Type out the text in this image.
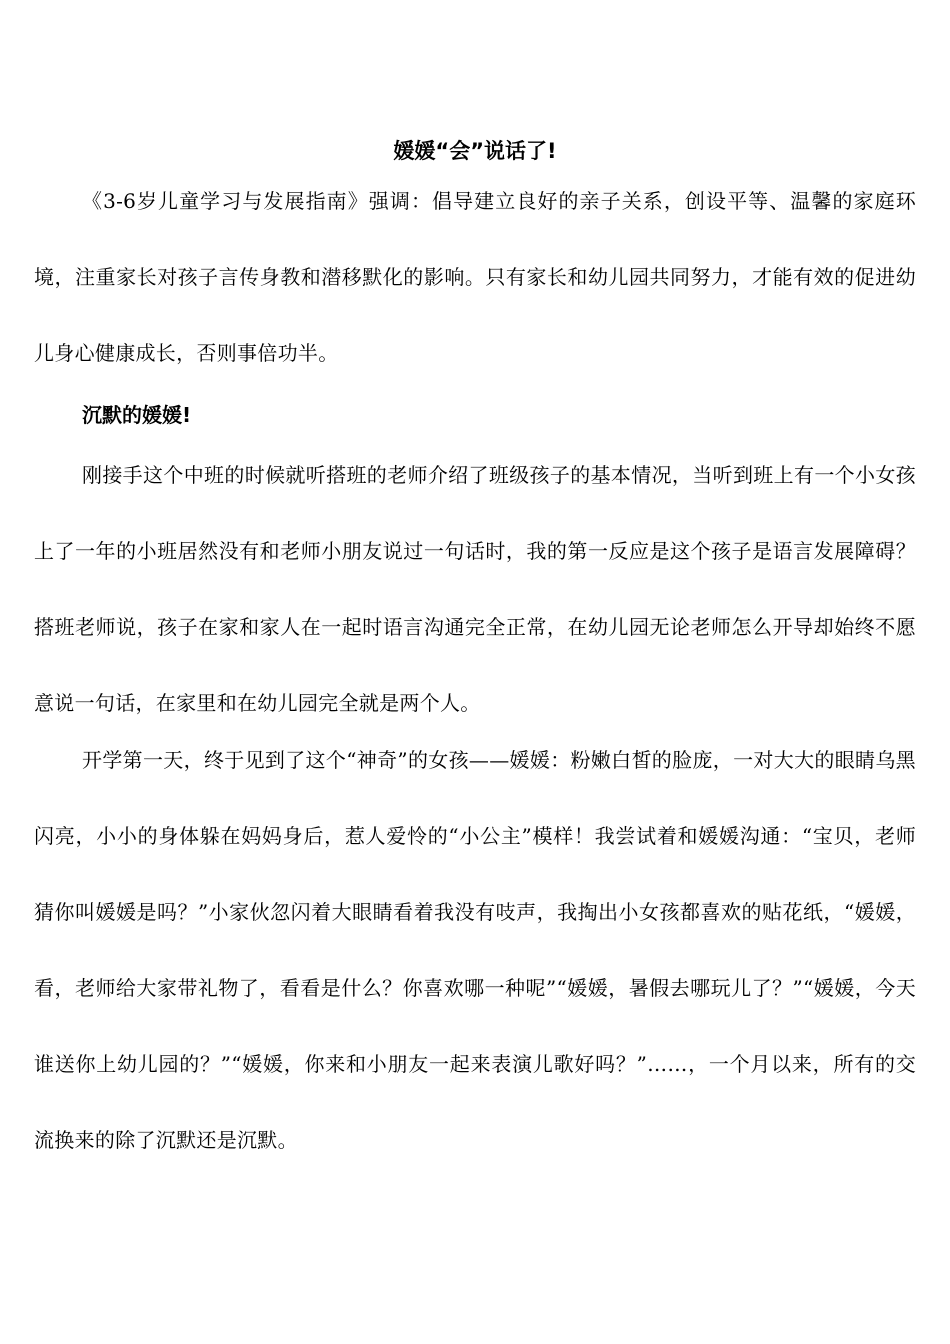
媛媛“会”说话了!

《3-6岁儿童学习与发展指南》强调：倡导建立良好的亲子关系，创设平等、温馨的家庭环境，注重家长对孩子言传身教和潜移默化的影响。只有家长和幼儿园共同努力，才能有效的促进幼儿身心健康成长，否则事倍功半。

沉默的媛媛!

刚接手这个中班的时候就听搭班的老师介绍了班级孩子的基本情况，当听到班上有一个小女孩上了一年的小班居然没有和老师小朋友说过一句话时，我的第一反应是这个孩子是语言发展障碍？搭班老师说，孩子在家和家人在一起时语言沟通完全正常，在幼儿园无论老师怎么开导却始终不愿意说一句话，在家里和在幼儿园完全就是两个人。

开学第一天，终于见到了这个“神奇”的女孩——媛媛：粉嫩白皙的脸庞，一对大大的眼睛乌黑闪亮，小小的身体躲在妈妈身后，惹人爱怜的“小公主”模样！我尝试着和媛媛沟通：“宝贝，老师猜你叫媛媛是吗？”小家伙忽闪着大眼睛看着我没有吱声，我掏出小女孩都喜欢的贴花纸，“媛媛，看，老师给大家带礼物了，看看是什么？你喜欢哪一种呢”“媛媛，暑假去哪玩儿了？”“媛媛，今天谁送你上幼儿园的？”“媛媛，你来和小朋友一起来表演儿歌好吗？”……，一个月以来，所有的交流换来的除了沉默还是沉默。
